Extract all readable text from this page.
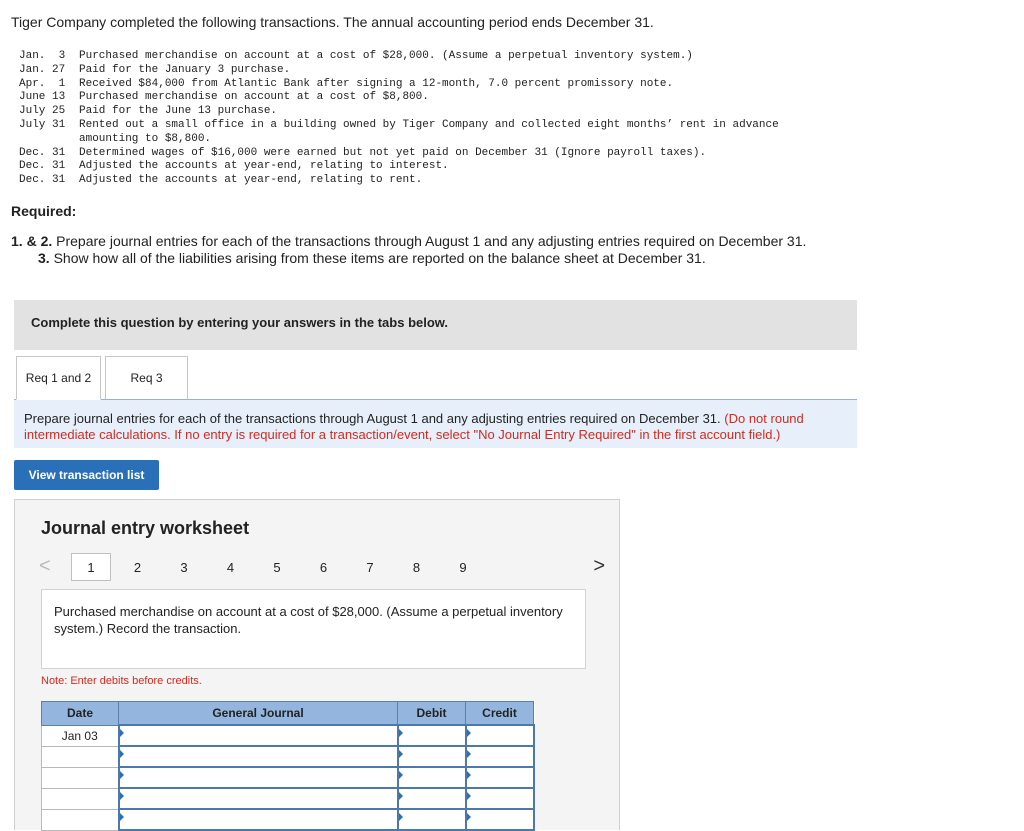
Tiger Company completed the following transactions. The annual accounting period ends December 31.
Jan.  3	Purchased merchandise on account at a cost of $28,000. (Assume a perpetual inventory system.)
Jan. 27	Paid for the January 3 purchase.
Apr.  1	Received $84,000 from Atlantic Bank after signing a 12-month, 7.0 percent promissory note.
June 13	Purchased merchandise on account at a cost of $8,800.
July 25	Paid for the June 13 purchase.
July 31	Rented out a small office in a building owned by Tiger Company and collected eight months’ rent in advance
amounting to $8,800.
Dec. 31	Determined wages of $16,000 were earned but not yet paid on December 31 (Ignore payroll taxes).
Dec. 31	Adjusted the accounts at year-end, relating to interest.
Dec. 31	Adjusted the accounts at year-end, relating to rent.
Required:
1. & 2. Prepare journal entries for each of the transactions through August 1 and any adjusting entries required on December 31.
3. Show how all of the liabilities arising from these items are reported on the balance sheet at December 31.
Complete this question by entering your answers in the tabs below.
Req 1 and 2	Req 3
Prepare journal entries for each of the transactions through August 1 and any adjusting entries required on December 31. (Do not round intermediate calculations. If no entry is required for a transaction/event, select "No Journal Entry Required" in the first account field.)
View transaction list
Journal entry worksheet
<	1	2	3	4	5	6	7	8	9	>
Purchased merchandise on account at a cost of $28,000. (Assume a perpetual inventory system.) Record the transaction.
Note: Enter debits before credits.
Date	General Journal	Debit	Credit
Jan 03			
